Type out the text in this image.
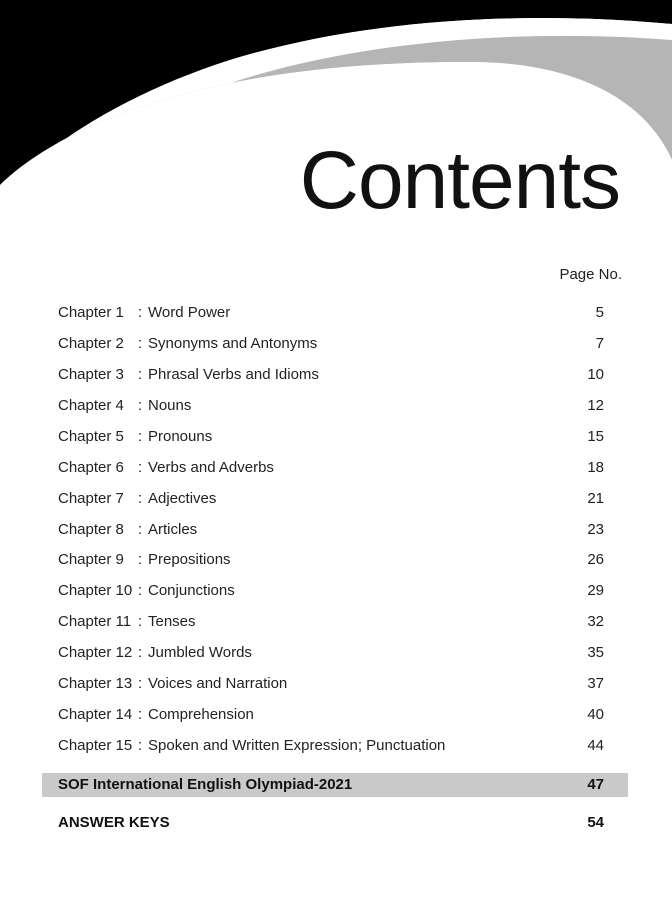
Contents
Page No.
Chapter 1 : Word Power	5
Chapter 2 : Synonyms and Antonyms	7
Chapter 3 : Phrasal Verbs and Idioms	10
Chapter 4 : Nouns	12
Chapter 5 : Pronouns	15
Chapter 6 : Verbs and Adverbs	18
Chapter 7 : Adjectives	21
Chapter 8 : Articles	23
Chapter 9 : Prepositions	26
Chapter 10 : Conjunctions	29
Chapter 11 : Tenses	32
Chapter 12 : Jumbled Words	35
Chapter 13 : Voices and Narration	37
Chapter 14 : Comprehension	40
Chapter 15 : Spoken and Written Expression; Punctuation	44
SOF International English Olympiad-2021	47
ANSWER KEYS	54
